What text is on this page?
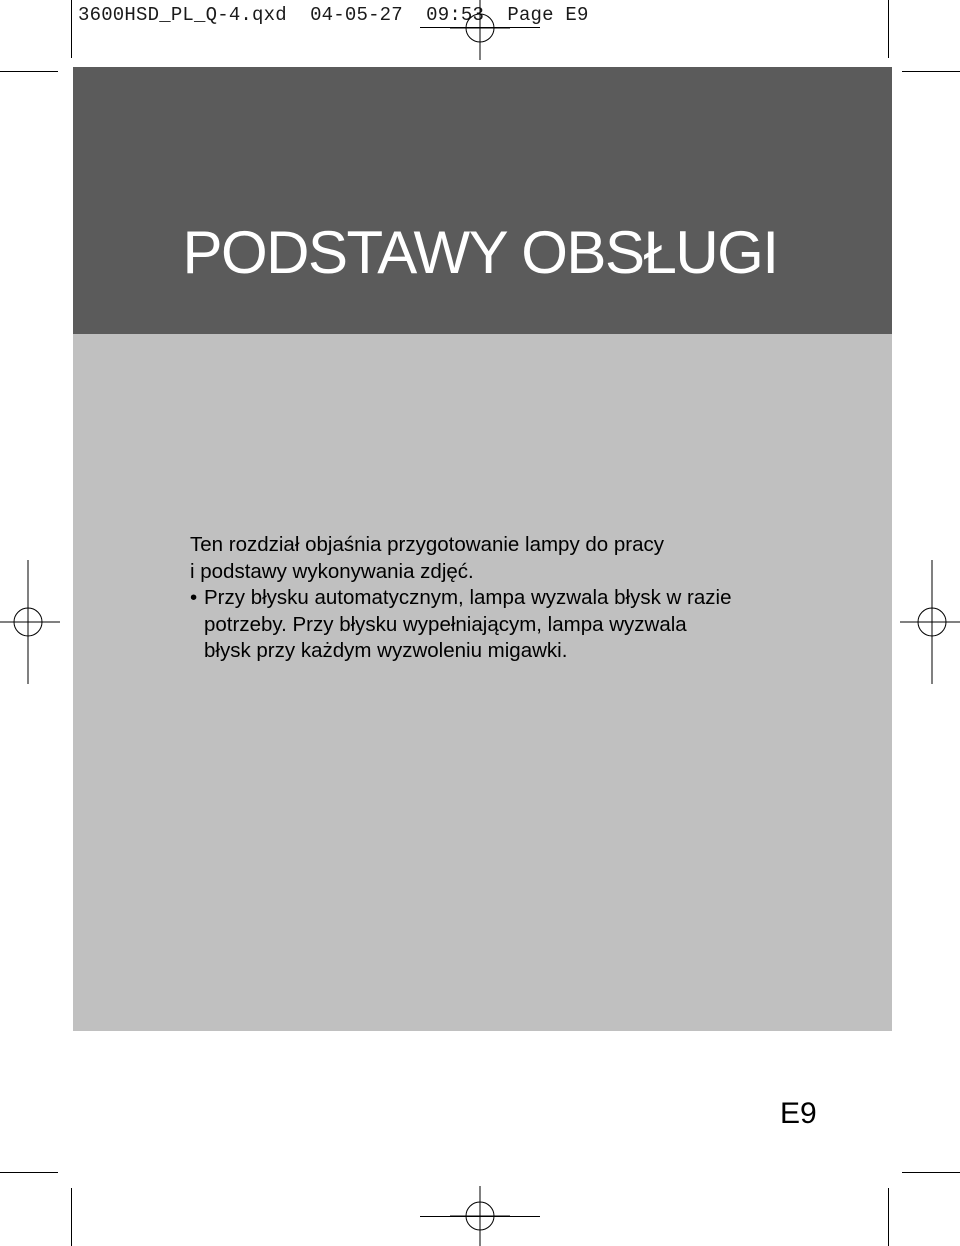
3600HSD_PL_Q-4.qxd 04-05-27 09:53 Page E9
PODSTAWY OBSŁUGI

Ten rozdział objaśnia przygotowanie lampy do pracy

i podstawy wykonywania zdjęć.

• Przy błysku automatycznym, lampa wyzwala błysk w razie
potrzeby. Przy błysku wypełniającym, lampa wyzwala
błysk przy każdym wyzwoleniu migawki.
E9
